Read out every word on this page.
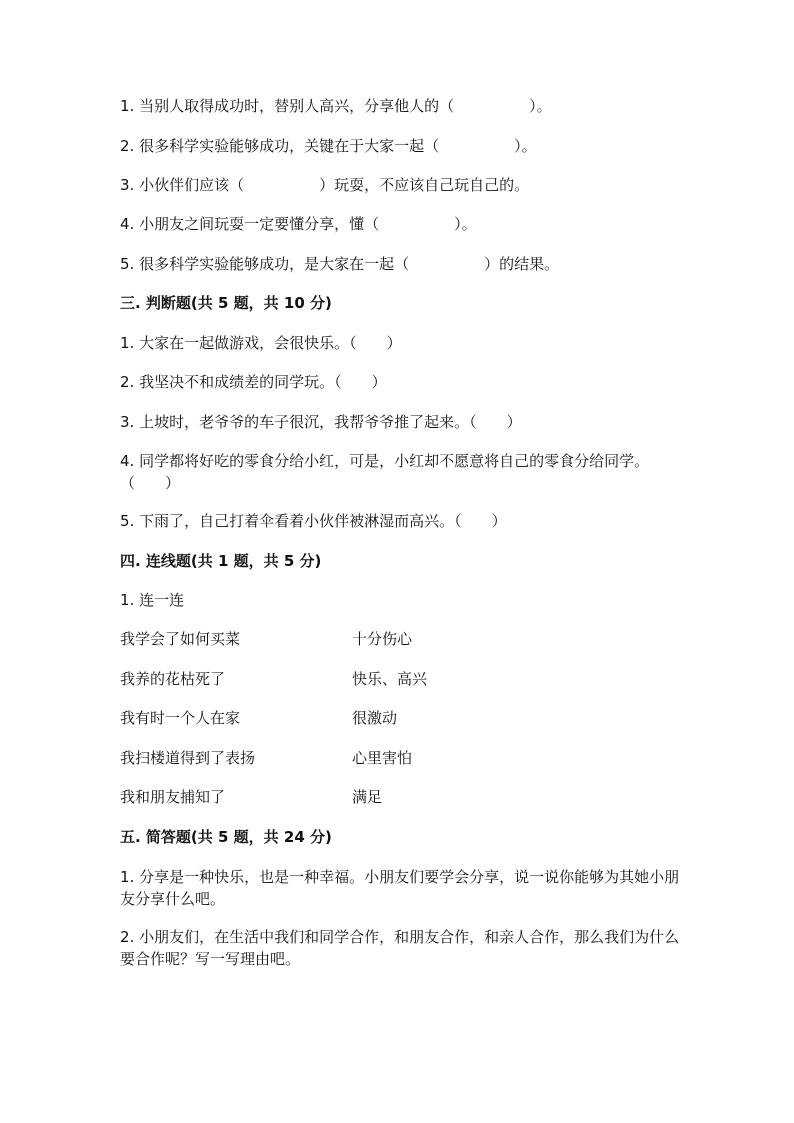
1. 当别人取得成功时，替别人高兴，分享他人的（　　　　　）。
2. 很多科学实验能够成功，关键在于大家一起（　　　　　）。
3. 小伙伴们应该（　　　　　）玩耍，不应该自己玩自己的。
4. 小朋友之间玩耍一定要懂分享，懂（　　　　　）。
5. 很多科学实验能够成功，是大家在一起（　　　　　）的结果。
三. 判断题(共 5 题，共 10 分)
1. 大家在一起做游戏，会很快乐。（　　）
2. 我坚决不和成绩差的同学玩。（　　）
3. 上坡时，老爷爷的车子很沉，我帮爷爷推了起来。（　　）
4. 同学都将好吃的零食分给小红，可是，小红却不愿意将自己的零食分给同学。（　　）
5. 下雨了，自己打着伞看着小伙伴被淋湿而高兴。（　　）
四. 连线题(共 1 题，共 5 分)
1. 连一连
我学会了如何买菜	十分伤心
我养的花枯死了	快乐、高兴
我有时一个人在家	很激动
我扫楼道得到了表扬	心里害怕
我和朋友捕知了	满足
五. 简答题(共 5 题，共 24 分)
1. 分享是一种快乐，也是一种幸福。小朋友们要学会分享，说一说你能够为其她小朋友分享什么吧。
2. 小朋友们，在生活中我们和同学合作，和朋友合作，和亲人合作，那么我们为什么要合作呢？写一写理由吧。
